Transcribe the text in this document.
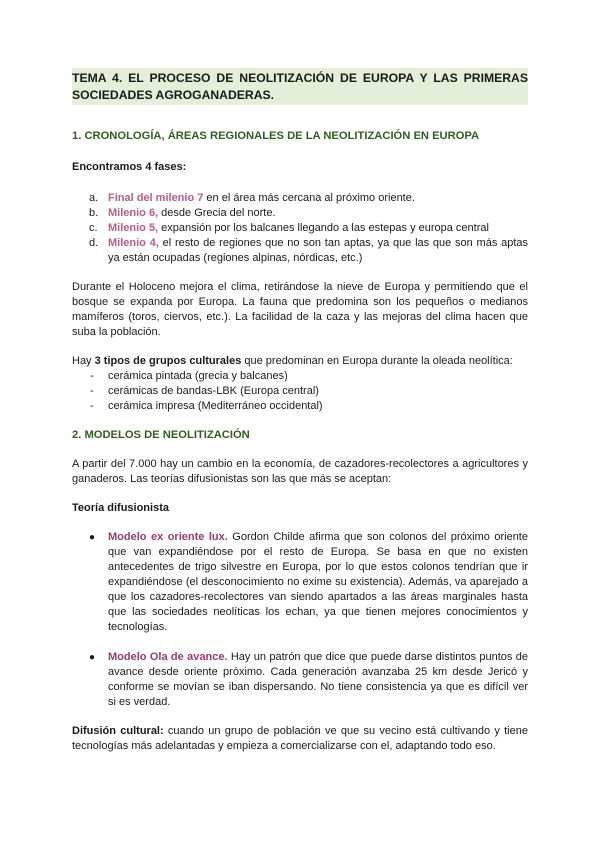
TEMA 4. EL PROCESO DE NEOLITIZACIÓN DE EUROPA Y LAS PRIMERAS SOCIEDADES AGROGANADERAS.
1. CRONOLOGÍA, ÁREAS REGIONALES DE LA NEOLITIZACIÓN EN EUROPA
Encontramos 4 fases:
a. Final del milenio 7 en el área más cercana al próximo oriente.
b. Milenio 6, desde Grecia del norte.
c. Milenio 5, expansión por los balcanes llegando a las estepas y europa central
d. Milenio 4, el resto de regiones que no son tan aptas, ya que las que son más aptas ya están ocupadas (regiones alpinas, nórdicas, etc.)

Durante el Holoceno mejora el clima, retirándose la nieve de Europa y permitiendo que el bosque se expanda por Europa. La fauna que predomina son los pequeños o medianos mamíferos (toros, ciervos, etc.). La facilidad de la caza y las mejoras del clima hacen que suba la población.

Hay 3 tipos de grupos culturales que predominan en Europa durante la oleada neolítica:

- cerámica pintada (grecia y balcanes)
- cerámicas de bandas-LBK (Europa central)
- cerámica impresa (Mediterráneo occidental)
2. MODELOS DE NEOLITIZACIÓN

A partir del 7.000 hay un cambio en la economía, de cazadores-recolectores a agricultores y ganaderos. Las teorías difusionistas son las que más se aceptan:

Teoría difusionista
● Modelo ex oriente lux. Gordon Childe afirma que son colonos del próximo oriente que van expandiéndose por el resto de Europa. Se basa en que no existen antecedentes de trigo silvestre en Europa, por lo que estos colonos tendrían que ir expandiéndose (el desconocimiento no exime su existencia). Además, va aparejado a que los cazadores-recolectores van siendo apartados a las áreas marginales hasta que las sociedades neolíticas los echan, ya que tienen mejores conocimientos y tecnologías.
● Modelo Ola de avance. Hay un patrón que dice que puede darse distintos puntos de avance desde oriente próximo. Cada generación avanzaba 25 km desde Jericó y conforme se movían se iban dispersando. No tiene consistencia ya que es difícil ver si es verdad.

Difusión cultural: cuando un grupo de población ve que su vecino está cultivando y tiene tecnologías más adelantadas y empieza a comercializarse con el, adaptando todo eso.
